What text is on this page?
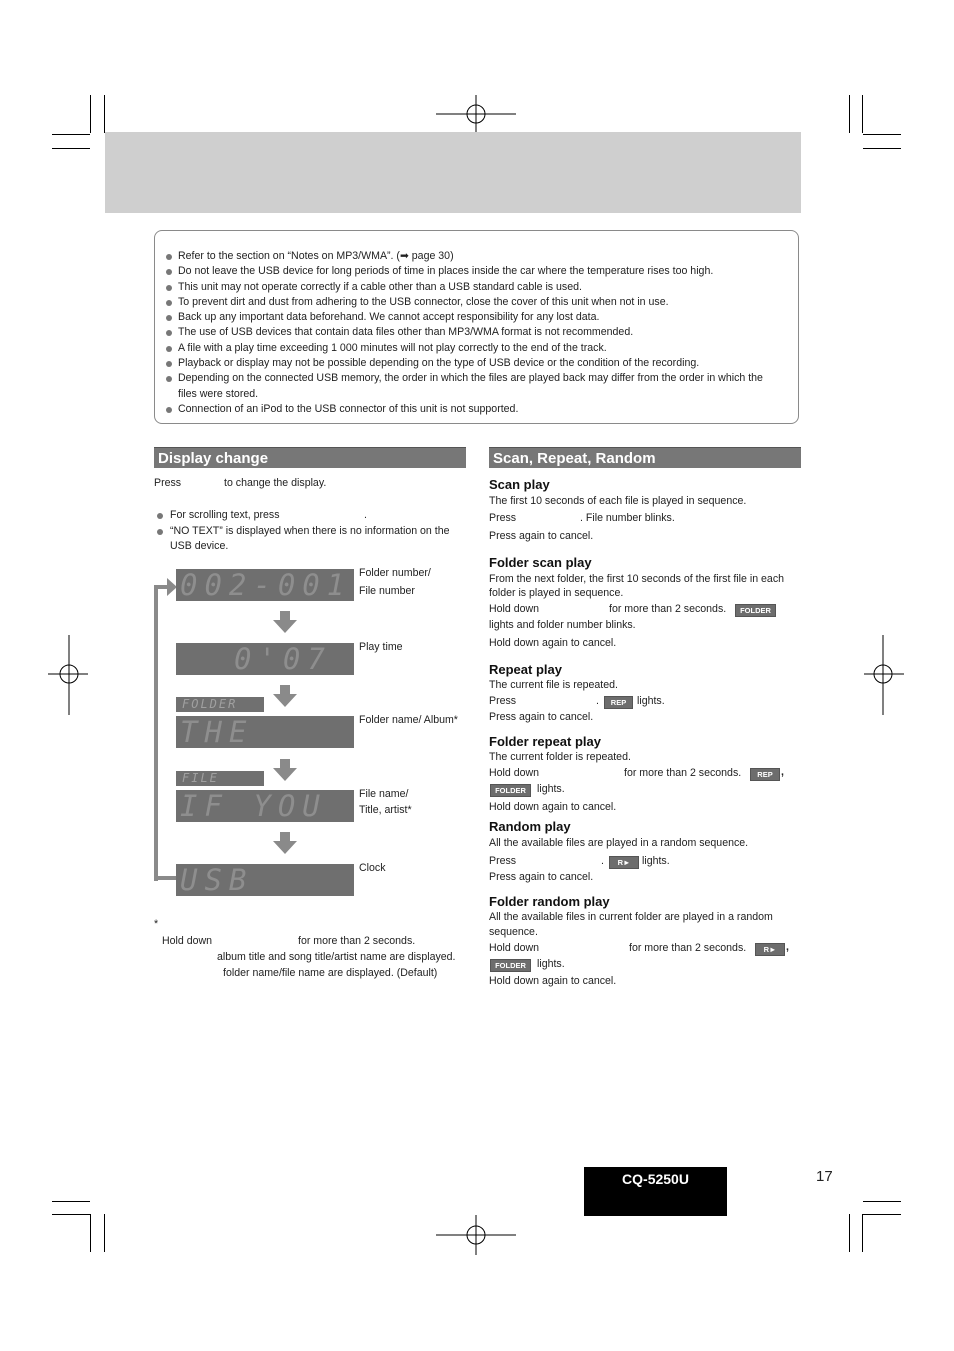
Refer to the section on “Notes on MP3/WMA”. (➡ page 30)
Do not leave the USB device for long periods of time in places inside the car where the temperature rises too high.
This unit may not operate correctly if a cable other than a USB standard cable is used.
To prevent dirt and dust from adhering to the USB connector, close the cover of this unit when not in use.
Back up any important data beforehand. We cannot accept responsibility for any lost data.
The use of USB devices that contain data files other than MP3/WMA format is not recommended.
A file with a play time exceeding 1 000 minutes will not play correctly to the end of the track.
Playback or display may not be possible depending on the type of USB device or the condition of the recording.
Depending on the connected USB memory, the order in which the files are played back may differ from the order in which the files were stored.
Connection of an iPod to the USB connector of this unit is not supported.
Display change
Press	to change the display.
For scrolling text, press	.
“NO TEXT” is displayed when there is no information on the
USB device.
002-001 Folder number/
File number
0'07	Play time
FOLDER
THE	Folder name/ Album*
FILE
IF YOU	File name/
Title, artist*
USB	Clock
*
Hold down	for more than 2 seconds.
album title and song title/artist name are displayed.
folder name/file name are displayed. (Default)
Scan, Repeat, Random
Scan play
The first 10 seconds of each file is played in sequence.
Press	. File number blinks.
Press again to cancel.
Folder scan play
From the next folder, the first 10 seconds of the first file in each
folder is played in sequence.
Hold down	for more than 2 seconds.	FOLDER
lights and folder number blinks.
Hold down again to cancel.
Repeat play
The current file is repeated.
Press	.	REP	lights.
Press again to cancel.
Folder repeat play
The current folder is repeated.
Hold down	for more than 2 seconds.	REP ,
FOLDER	lights.
Hold down again to cancel.
Random play
All the available files are played in a random sequence.
Press	.	R►	lights.
Press again to cancel.
Folder random play
All the available files in current folder are played in a random
sequence.
Hold down	for more than 2 seconds.	R► ,
FOLDER	lights.
Hold down again to cancel.
CQ-5250U	17
